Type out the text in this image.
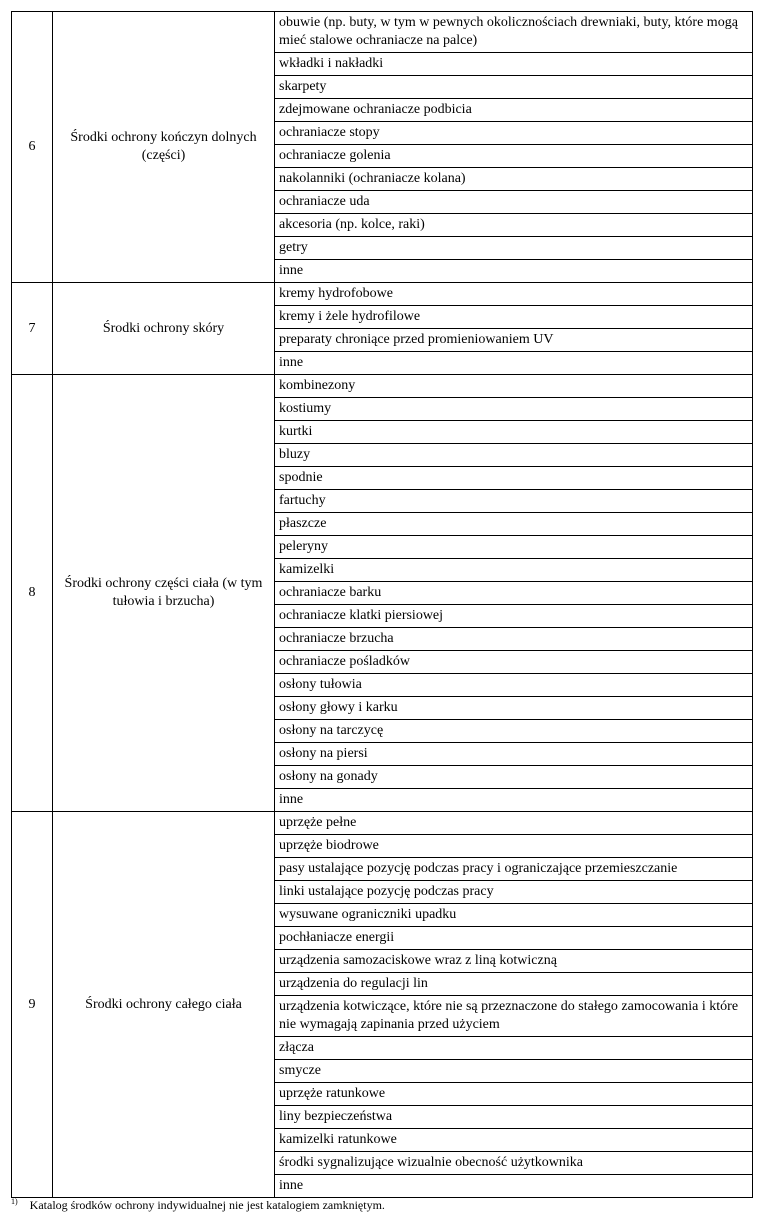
6	Środki ochrony kończyn dolnych (części)	obuwie (np. buty, w tym w pewnych okolicznościach drewniaki, buty, które mogą mieć stalowe ochraniacze na palce)
		wkładki i nakładki
		skarpety
		zdejmowane ochraniacze podbicia
		ochraniacze stopy
		ochraniacze golenia
		nakolanniki (ochraniacze kolana)
		ochraniacze uda
		akcesoria (np. kolce, raki)
		getry
		inne
7	Środki ochrony skóry	kremy hydrofobowe
		kremy i żele hydrofilowe
		preparaty chroniące przed promieniowaniem UV
		inne
8	Środki ochrony części ciała (w tym tułowia i brzucha)	kombinezony
		kostiumy
		kurtki
		bluzy
		spodnie
		fartuchy
		płaszcze
		peleryny
		kamizelki
		ochraniacze barku
		ochraniacze klatki piersiowej
		ochraniacze brzucha
		ochraniacze pośladków
		osłony tułowia
		osłony głowy i karku
		osłony na tarczycę
		osłony na piersi
		osłony na gonady
		inne
9	Środki ochrony całego ciała	uprzęże pełne
		uprzęże biodrowe
		pasy ustalające pozycję podczas pracy i ograniczające przemieszczanie
		linki ustalające pozycję podczas pracy
		wysuwane ograniczniki upadku
		pochłaniacze energii
		urządzenia samozaciskowe wraz z liną kotwiczną
		urządzenia do regulacji lin
		urządzenia kotwiczące, które nie są przeznaczone do stałego zamocowania i które nie wymagają zapinania przed użyciem
		złącza
		smycze
		uprzęże ratunkowe
		liny bezpieczeństwa
		kamizelki ratunkowe
		środki sygnalizujące wizualnie obecność użytkownika
		inne
$^{1)}$ Katalog środków ochrony indywidualnej nie jest katalogiem zamkniętym.
